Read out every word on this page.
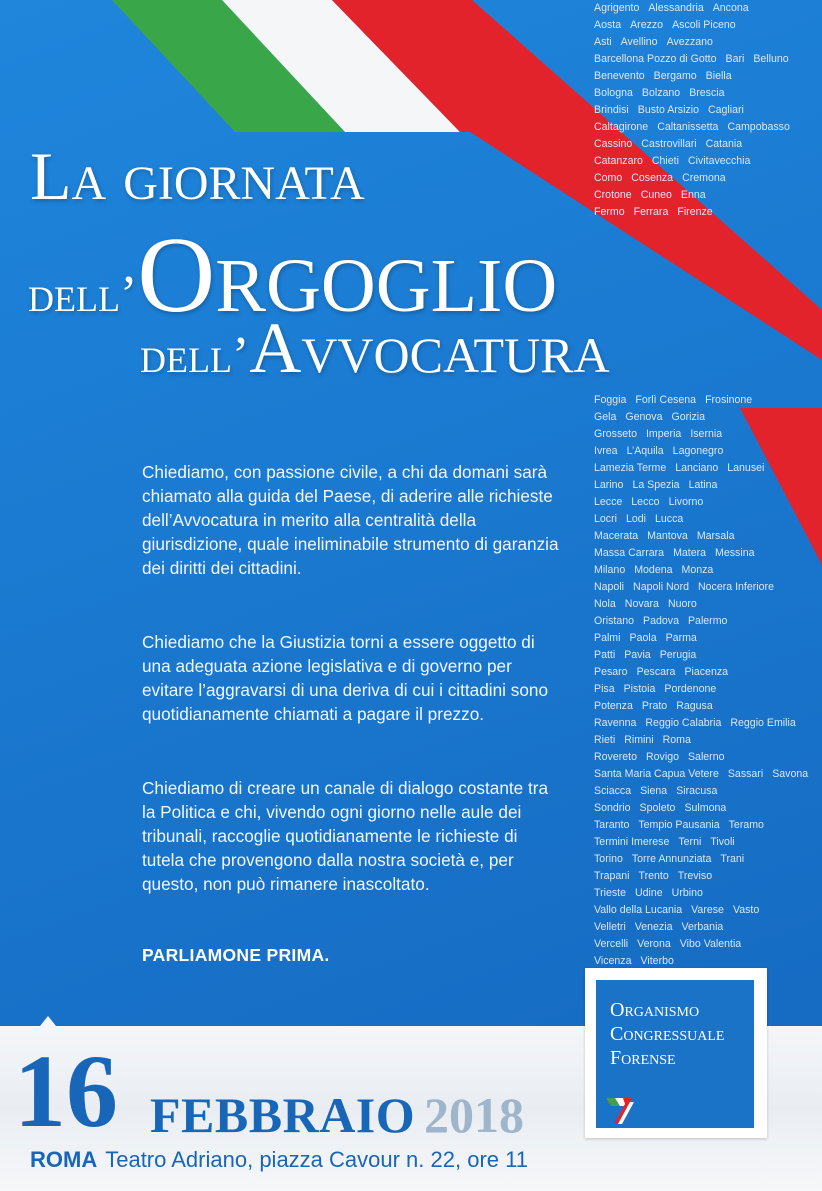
La giornata
dell’Orgoglio
dell’Avvocatura
Chiediamo, con passione civile, a chi da domani sarà chiamato alla guida del Paese, di aderire alle richieste dell’Avvocatura in merito alla centralità della giurisdizione, quale ineliminabile strumento di garanzia dei diritti dei cittadini.
Chiediamo che la Giustizia torni a essere oggetto di una adeguata azione legislativa e di governo per evitare l’aggravarsi di una deriva di cui i cittadini sono quotidianamente chiamati a pagare il prezzo.
Chiediamo di creare un canale di dialogo costante tra la Politica e chi, vivendo ogni giorno nelle aule dei tribunali, raccoglie quotidianamente le richieste di tutela che provengono dalla nostra società e, per questo, non può rimanere inascoltato.
PARLIAMONE PRIMA.
Agrigento Alessandria Ancona
Aosta Arezzo Ascoli Piceno
Asti Avellino Avezzano
Barcellona Pozzo di Gotto Bari Belluno
Benevento Bergamo Biella
Bologna Bolzano Brescia
Brindisi Busto Arsizio Cagliari
Caltagirone Caltanissetta Campobasso
Cassino Castrovillari Catania
Catanzaro Chieti Civitavecchia
Como Cosenza Cremona
Crotone Cuneo Enna
Fermo Ferrara Firenze
Foggia Forlì Cesena Frosinone
Gela Genova Gorizia
Grosseto Imperia Isernia
Ivrea L’Aquila Lagonegro
Lamezia Terme Lanciano Lanusei
Larino La Spezia Latina
Lecce Lecco Livorno
Locri Lodi Lucca
Macerata Mantova Marsala
Massa Carrara Matera Messina
Milano Modena Monza
Napoli Napoli Nord Nocera Inferiore
Nola Novara Nuoro
Oristano Padova Palermo
Palmi Paola Parma
Patti Pavia Perugia
Pesaro Pescara Piacenza
Pisa Pistoia Pordenone
Potenza Prato Ragusa
Ravenna Reggio Calabria Reggio Emilia
Rieti Rimini Roma
Rovereto Rovigo Salerno
Santa Maria Capua Vetere Sassari Savona
Sciacca Siena Siracusa
Sondrio Spoleto Sulmona
Taranto Tempio Pausania Teramo
Termini Imerese Terni Tivoli
Torino Torre Annunziata Trani
Trapani Trento Treviso
Trieste Udine Urbino
Vallo della Lucania Varese Vasto
Velletri Venezia Verbania
Vercelli Verona Vibo Valentia
Vicenza Viterbo
16 FEBBRAIO 2018
ROMA Teatro Adriano, piazza Cavour n. 22, ore 11
Organismo
Congressuale
Forense
